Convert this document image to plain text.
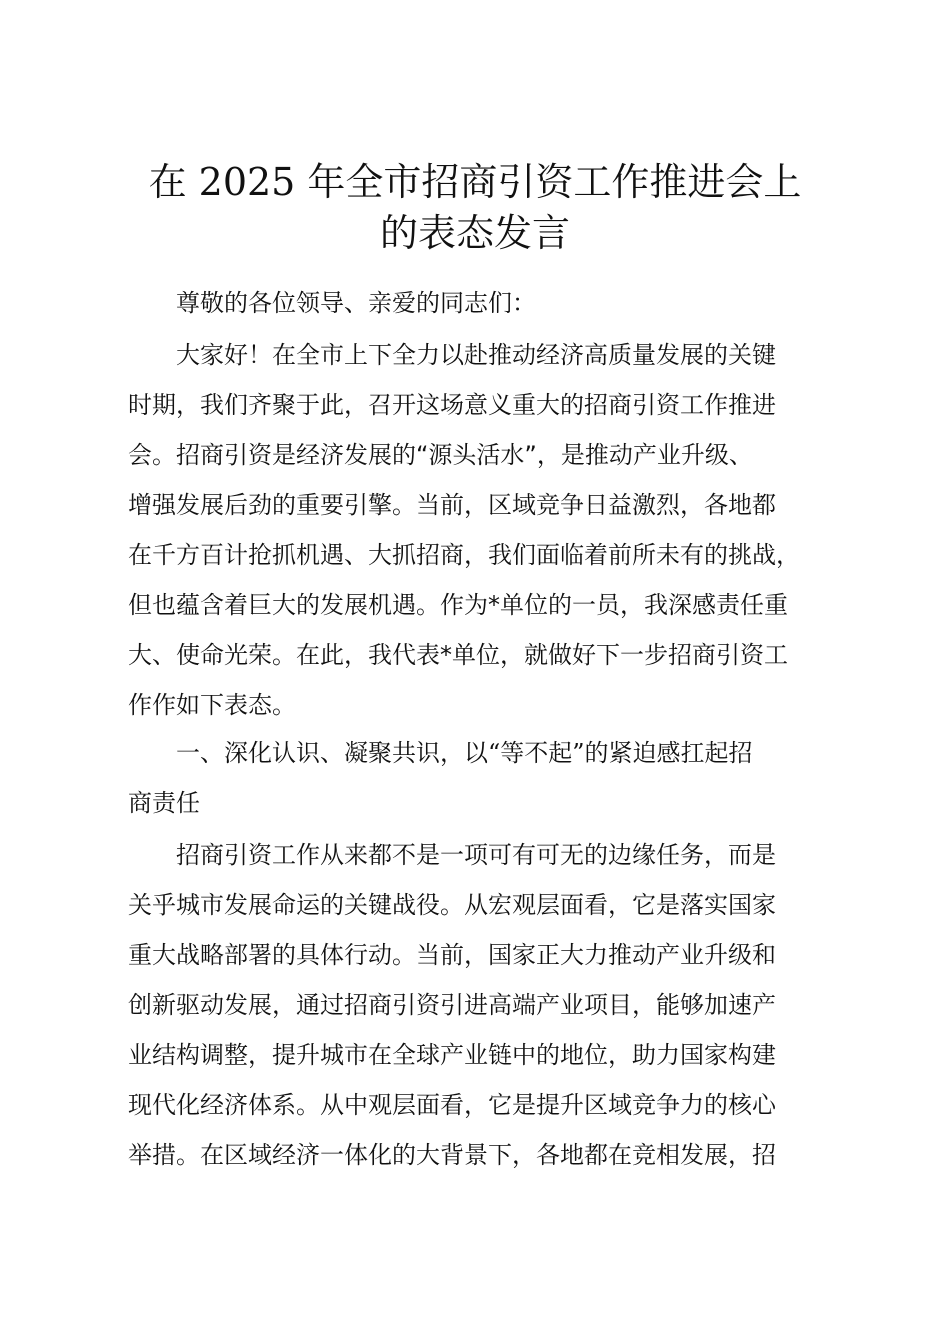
在 2025 年全市招商引资工作推进会上
的表态发言

尊敬的各位领导、亲爱的同志们：

大家好！在全市上下全力以赴推动经济高质量发展的关键

时期，我们齐聚于此，召开这场意义重大的招商引资工作推进

会。招商引资是经济发展的“源头活水”，是推动产业升级、

增强发展后劲的重要引擎。当前，区域竞争日益激烈，各地都

在千方百计抢抓机遇、大抓招商，我们面临着前所未有的挑战，

但也蕴含着巨大的发展机遇。作为*单位的一员，我深感责任重

大、使命光荣。在此，我代表*单位，就做好下一步招商引资工

作作如下表态。

一、深化认识、凝聚共识，以“等不起”的紧迫感扛起招

商责任

招商引资工作从来都不是一项可有可无的边缘任务，而是

关乎城市发展命运的关键战役。从宏观层面看，它是落实国家

重大战略部署的具体行动。当前，国家正大力推动产业升级和

创新驱动发展，通过招商引资引进高端产业项目，能够加速产

业结构调整，提升城市在全球产业链中的地位，助力国家构建

现代化经济体系。从中观层面看，它是提升区域竞争力的核心

举措。在区域经济一体化的大背景下，各地都在竞相发展，招
